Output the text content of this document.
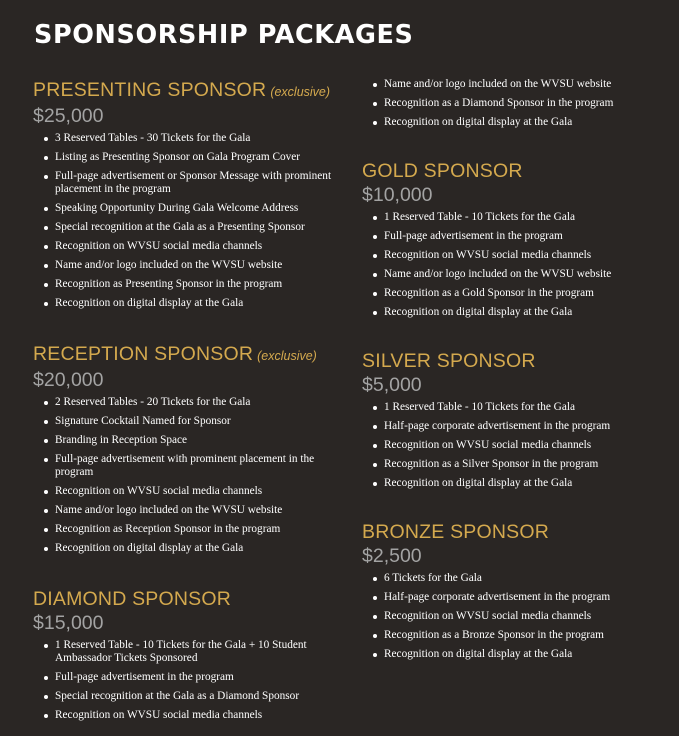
SPONSORSHIP PACKAGES
PRESENTING SPONSOR (exclusive)
$25,000
3 Reserved Tables - 30 Tickets for the Gala
Listing as Presenting Sponsor on Gala Program Cover
Full-page advertisement or Sponsor Message with prominent placement in the program
Speaking Opportunity During Gala Welcome Address
Special recognition at the Gala as a Presenting Sponsor
Recognition on WVSU social media channels
Name and/or logo included on the WVSU website
Recognition as Presenting Sponsor in the program
Recognition on digital display at the Gala
RECEPTION SPONSOR (exclusive)
$20,000
2 Reserved Tables - 20 Tickets for the Gala
Signature Cocktail Named for Sponsor
Branding in Reception Space
Full-page advertisement with prominent placement in the program
Recognition on WVSU social media channels
Name and/or logo included on the WVSU website
Recognition as Reception Sponsor in the program
Recognition on digital display at the Gala
DIAMOND SPONSOR
$15,000
1 Reserved Table - 10 Tickets for the Gala + 10 Student Ambassador Tickets Sponsored
Full-page advertisement in the program
Special recognition at the Gala as a Diamond Sponsor
Recognition on WVSU social media channels
Name and/or logo included on the WVSU website
Recognition as a Diamond Sponsor in the program
Recognition on digital display at the Gala
GOLD SPONSOR
$10,000
1 Reserved Table - 10 Tickets for the Gala
Full-page advertisement in the program
Recognition on WVSU social media channels
Name and/or logo included on the WVSU website
Recognition as a Gold Sponsor in the program
Recognition on digital display at the Gala
SILVER SPONSOR
$5,000
1 Reserved Table - 10 Tickets for the Gala
Half-page corporate advertisement in the program
Recognition on WVSU social media channels
Recognition as a Silver Sponsor in the program
Recognition on digital display at the Gala
BRONZE SPONSOR
$2,500
6 Tickets for the Gala
Half-page corporate advertisement in the program
Recognition on WVSU social media channels
Recognition as a Bronze Sponsor in the program
Recognition on digital display at the Gala
